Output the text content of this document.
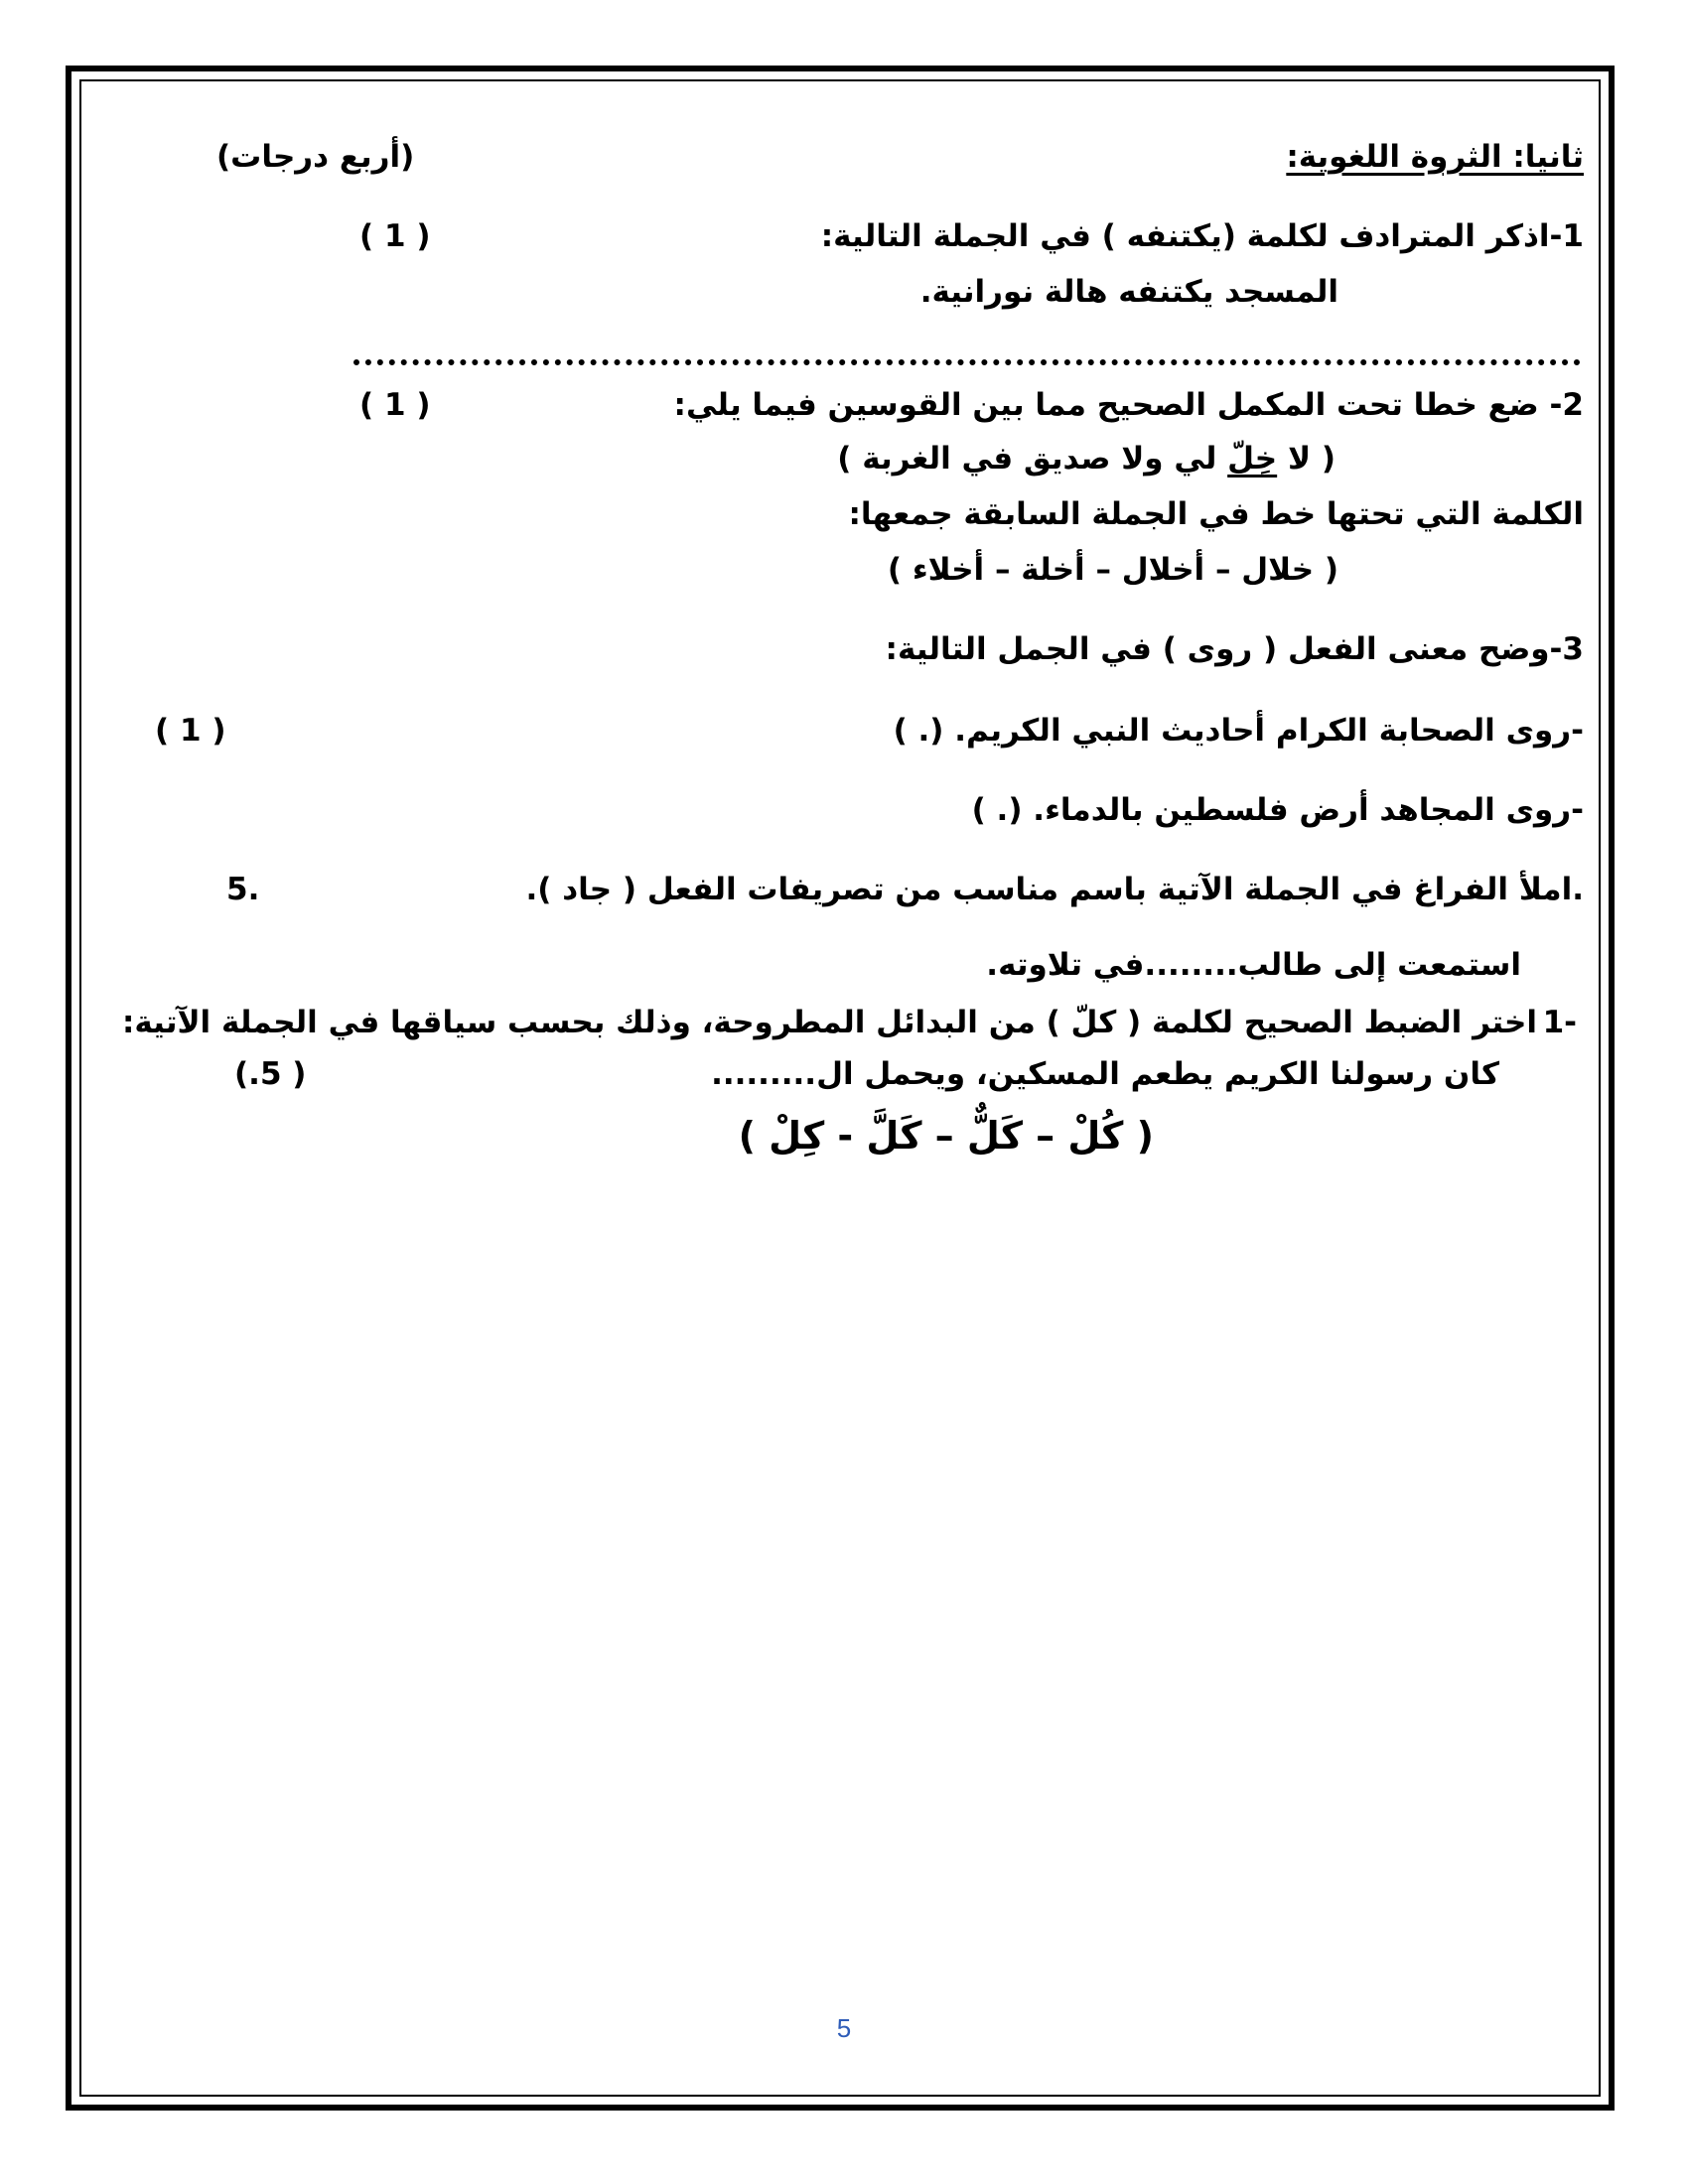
ثانيا: الثروة اللغوية:
(أربع درجات)
1-اذكر المترادف لكلمة (يكتنفه ) في الجملة التالية:
( 1 )
المسجد يكتنفه هالة نورانية.
2- ضع خطا تحت المكمل الصحيح مما بين القوسين فيما يلي:
( 1 )
( لا خِلّ لي ولا صديق في الغربة )
الكلمة التي تحتها خط في الجملة السابقة جمعها:
( خلال – أخلال – أخلة – أخلاء )
3-وضح معنى الفعل ( روى ) في الجمل التالية:
-روى الصحابة الكرام أحاديث النبي الكريم. (. )
( 1 )
-روى المجاهد أرض فلسطين بالدماء. (. )
.املأ الفراغ في الجملة الآتية باسم مناسب من تصريفات الفعل ( جاد ).
5.
استمعت إلى طالب........في تلاوته.
1-
اختر الضبط الصحيح لكلمة ( كلّ ) من البدائل المطروحة، وذلك بحسب سياقها في الجملة الآتية:
كان رسولنا الكريم يطعم المسكين، ويحمل ال.........
(.5 )
( كُلْ – كَلٌّ – كَلَّ - كِلْ )
5
